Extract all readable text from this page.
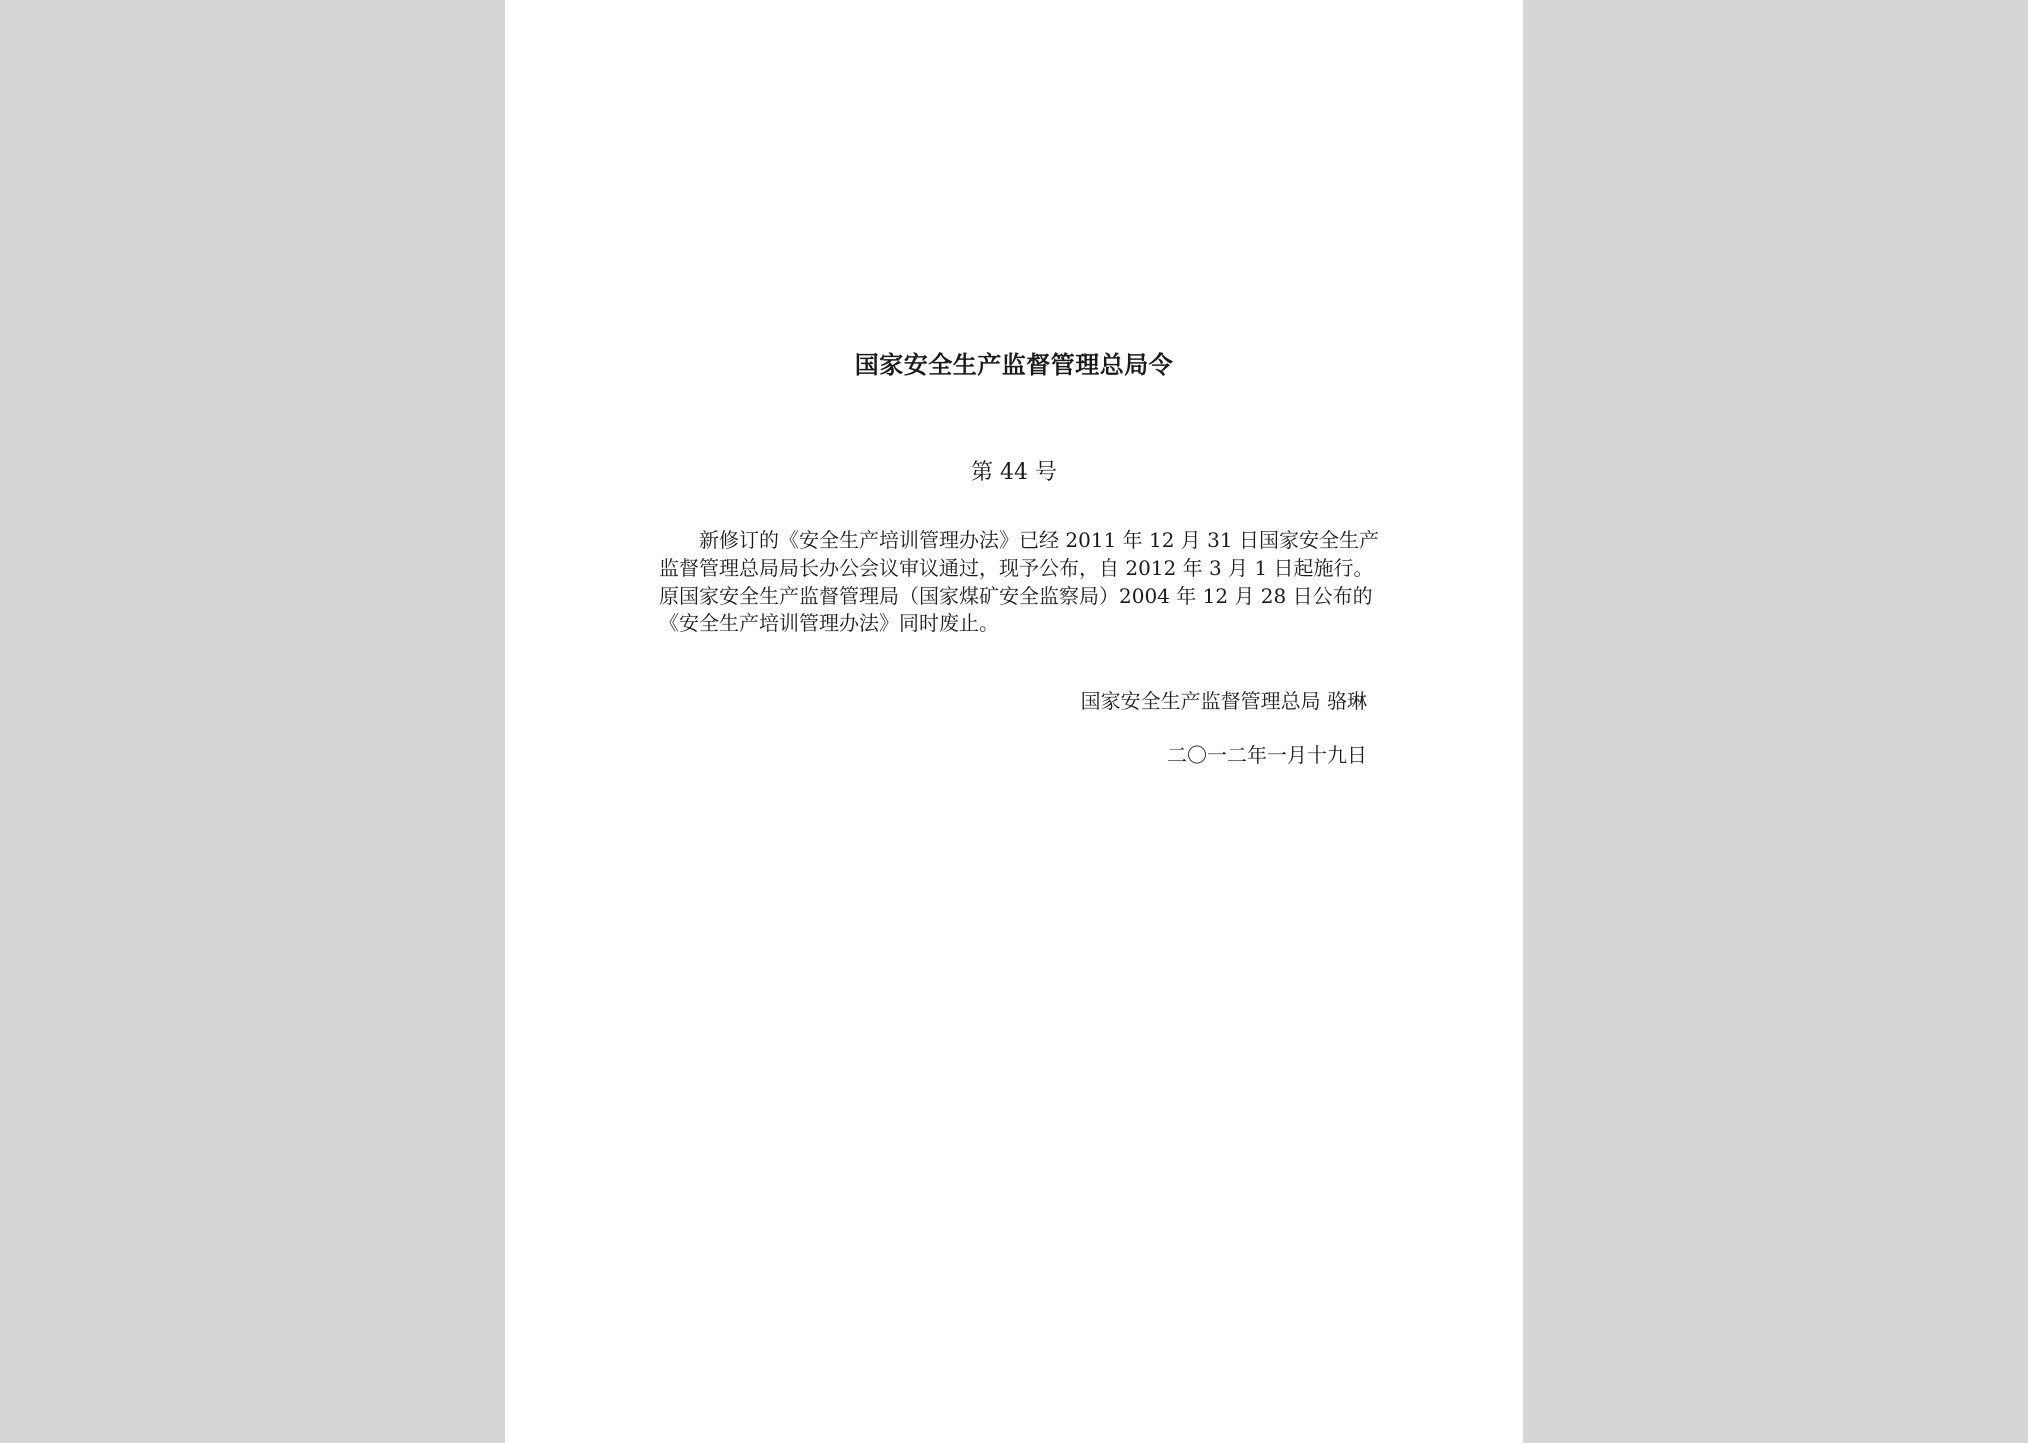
国家安全生产监督管理总局令
第 44 号
新修订的《安全生产培训管理办法》已经 2011 年 12 月 31 日国家安全生产
监督管理总局局长办公会议审议通过，现予公布，自 2012 年 3 月 1 日起施行。
原国家安全生产监督管理局（国家煤矿安全监察局）2004 年 12 月 28 日公布的
《安全生产培训管理办法》同时废止。
国家安全生产监督管理总局 骆琳
二〇一二年一月十九日
